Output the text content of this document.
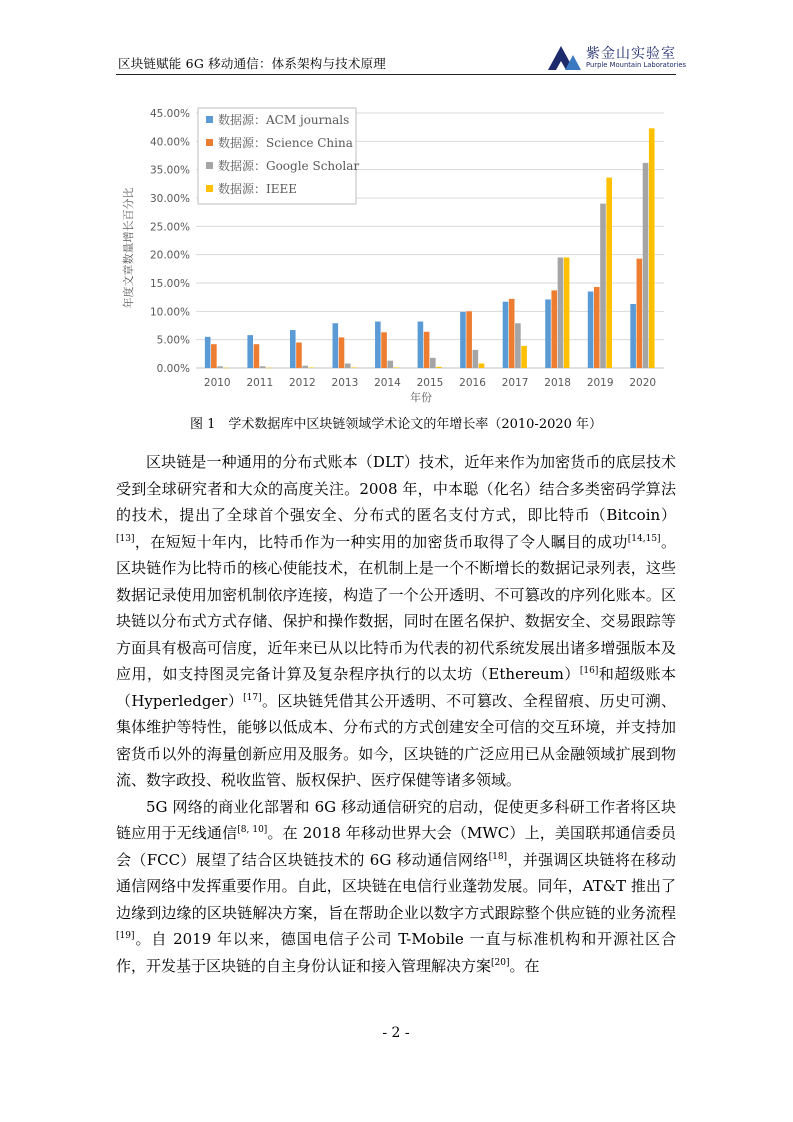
区块链赋能 6G 移动通信：体系架构与技术原理
紫金山实验室
Purple Mountain Laboratories
0.00%
5.00%
10.00%
15.00%
20.00%
25.00%
30.00%
35.00%
40.00%
45.00%
2010 2011 2012 2013 2014 2015 2016 2017 2018 2019 2020
年份
年度文章数量增长百分比
数据源：ACM journals
数据源：Science China
数据源：Google Scholar
数据源：IEEE
图 1　学术数据库中区块链领域学术论文的年增长率（2010-2020 年）

区块链是一种通用的分布式账本（DLT）技术，近年来作为加密货币的底层技术受到全球研究者和大众的高度关注。2008 年，中本聪（化名）结合多类密码学算法的技术，提出了全球首个强安全、分布式的匿名支付方式，即比特币（Bitcoin）[13]，在短短十年内，比特币作为一种实用的加密货币取得了令人瞩目的成功[14,15]。区块链作为比特币的核心使能技术，在机制上是一个不断增长的数据记录列表，这些数据记录使用加密机制依序连接，构造了一个公开透明、不可篡改的序列化账本。区块链以分布式方式存储、保护和操作数据，同时在匿名保护、数据安全、交易跟踪等方面具有极高可信度，近年来已从以比特币为代表的初代系统发展出诸多增强版本及应用，如支持图灵完备计算及复杂程序执行的以太坊（Ethereum）[16]和超级账本（Hyperledger）[17]。区块链凭借其公开透明、不可篡改、全程留痕、历史可溯、集体维护等特性，能够以低成本、分布式的方式创建安全可信的交互环境，并支持加密货币以外的海量创新应用及服务。如今，区块链的广泛应用已从金融领域扩展到物流、数字政投、税收监管、版权保护、医疗保健等诸多领域。

5G 网络的商业化部署和 6G 移动通信研究的启动，促使更多科研工作者将区块链应用于无线通信[8, 10]。在 2018 年移动世界大会（MWC）上，美国联邦通信委员会（FCC）展望了结合区块链技术的 6G 移动通信网络[18]，并强调区块链将在移动通信网络中发挥重要作用。自此，区块链在电信行业蓬勃发展。同年，AT&T 推出了边缘到边缘的区块链解决方案，旨在帮助企业以数字方式跟踪整个供应链的业务流程[19]。自 2019 年以来，德国电信子公司 T-Mobile 一直与标准机构和开源社区合作，开发基于区块链的自主身份认证和接入管理解决方案[20]。在

- 2 -
